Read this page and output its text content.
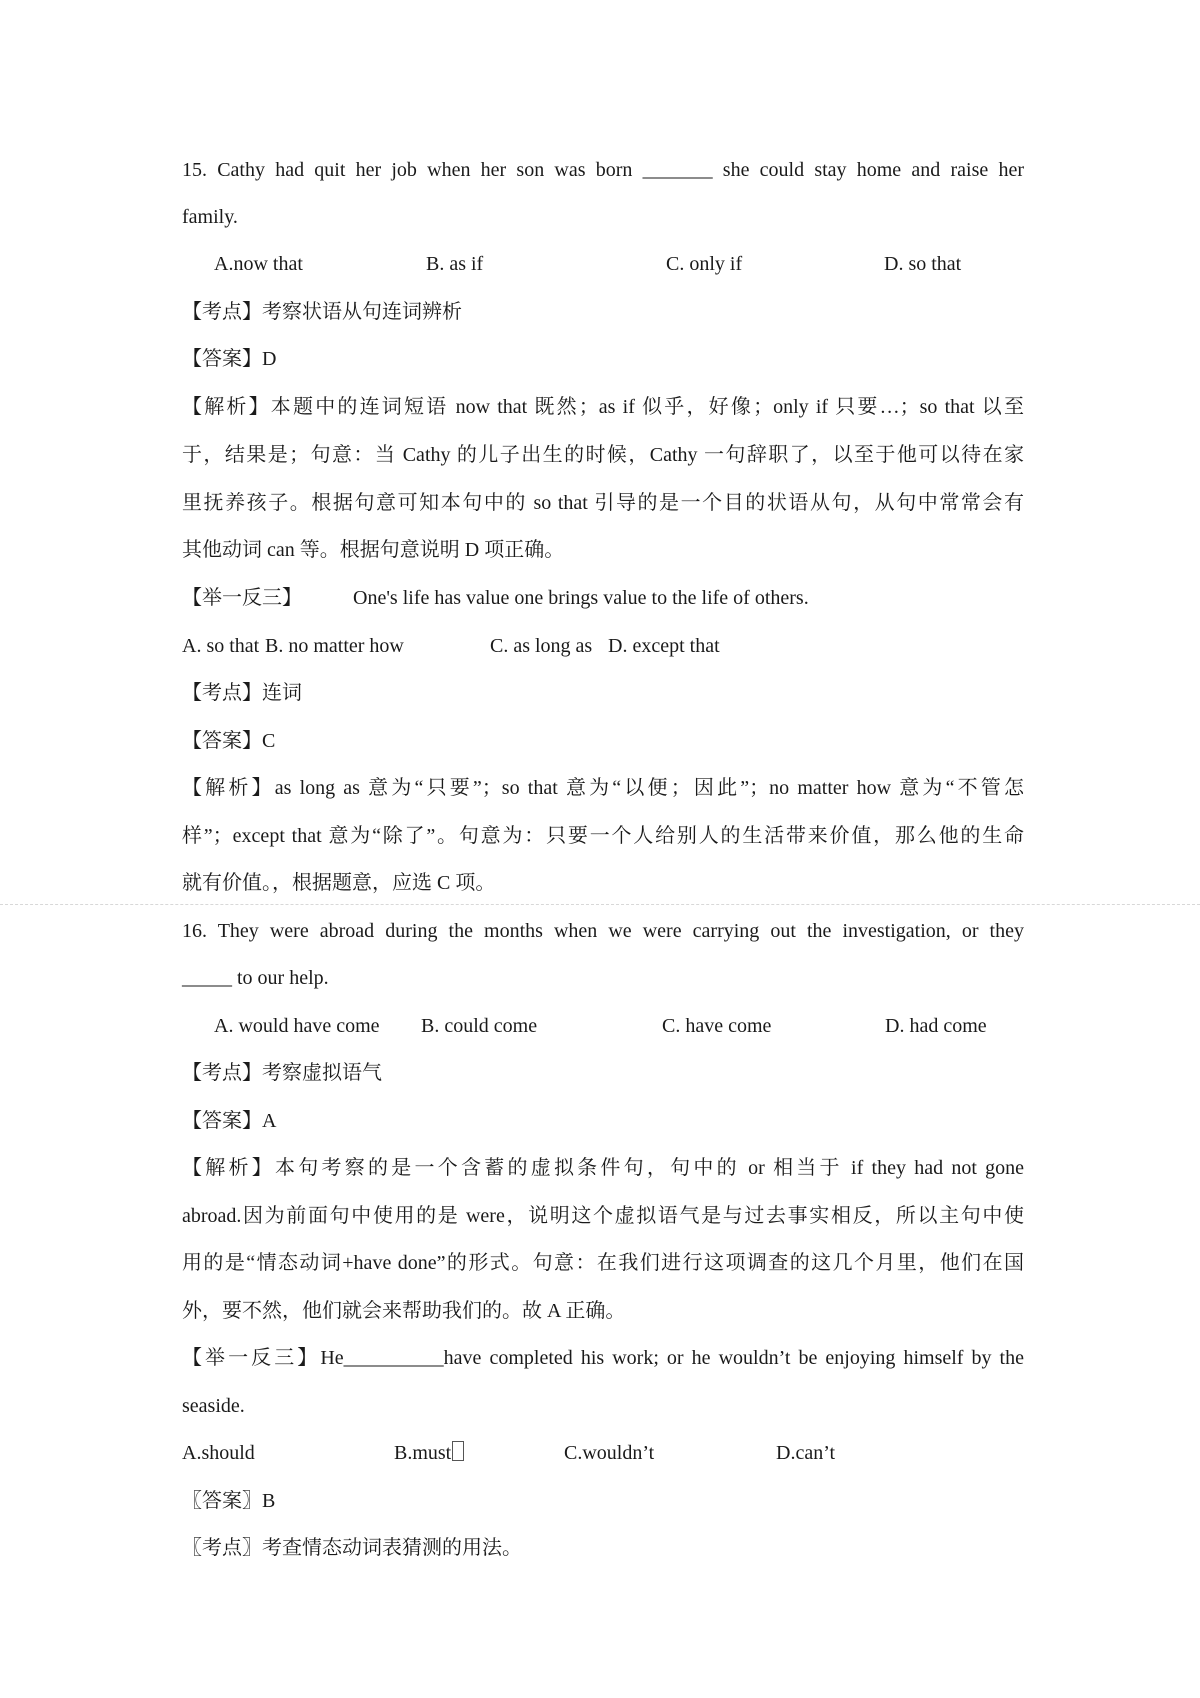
15. Cathy had quit her job when her son was born _______ she could stay home and raise her
family.
A.now that	B. as if	C. only if	D. so that
【考点】考察状语从句连词辨析
【答案】D
【解析】本题中的连词短语 now that 既然；as if 似乎，好像；only if 只要…；so that 以至
于，结果是；句意：当 Cathy 的儿子出生的时候，Cathy 一句辞职了，以至于他可以待在家
里抚养孩子。根据句意可知本句中的 so that 引导的是一个目的状语从句，从句中常常会有
其他动词 can 等。根据句意说明 D 项正确。
【举一反三】	One's life has value one brings value to the life of others.
A. so that B. no matter how	C. as long as D. except that
【考点】连词
【答案】C
【解析】as long as 意为“只要”；so that 意为“以便；因此”；no matter how 意为“不管怎
样”；except that 意为“除了”。句意为：只要一个人给别人的生活带来价值，那么他的生命
就有价值。，根据题意，应选 C 项。
16. They were abroad during the months when we were carrying out the investigation, or they
_____ to our help.
A. would have come B. could come	C. have come	D. had come
【考点】考察虚拟语气
【答案】A
【解析】本句考察的是一个含蓄的虚拟条件句，句中的 or 相当于 if they had not gone
abroad.因为前面句中使用的是 were，说明这个虚拟语气是与过去事实相反，所以主句中使
用的是“情态动词+have done”的形式。句意：在我们进行这项调查的这几个月里，他们在国
外，要不然，他们就会来帮助我们的。故 A 正确。
【举一反三】He__________have completed his work; or he wouldn’t be enjoying himself by the
seaside.
A.should	B.must	C.wouldn’t	D.can’t
〖答案〗B
〖考点〗考查情态动词表猜测的用法。
